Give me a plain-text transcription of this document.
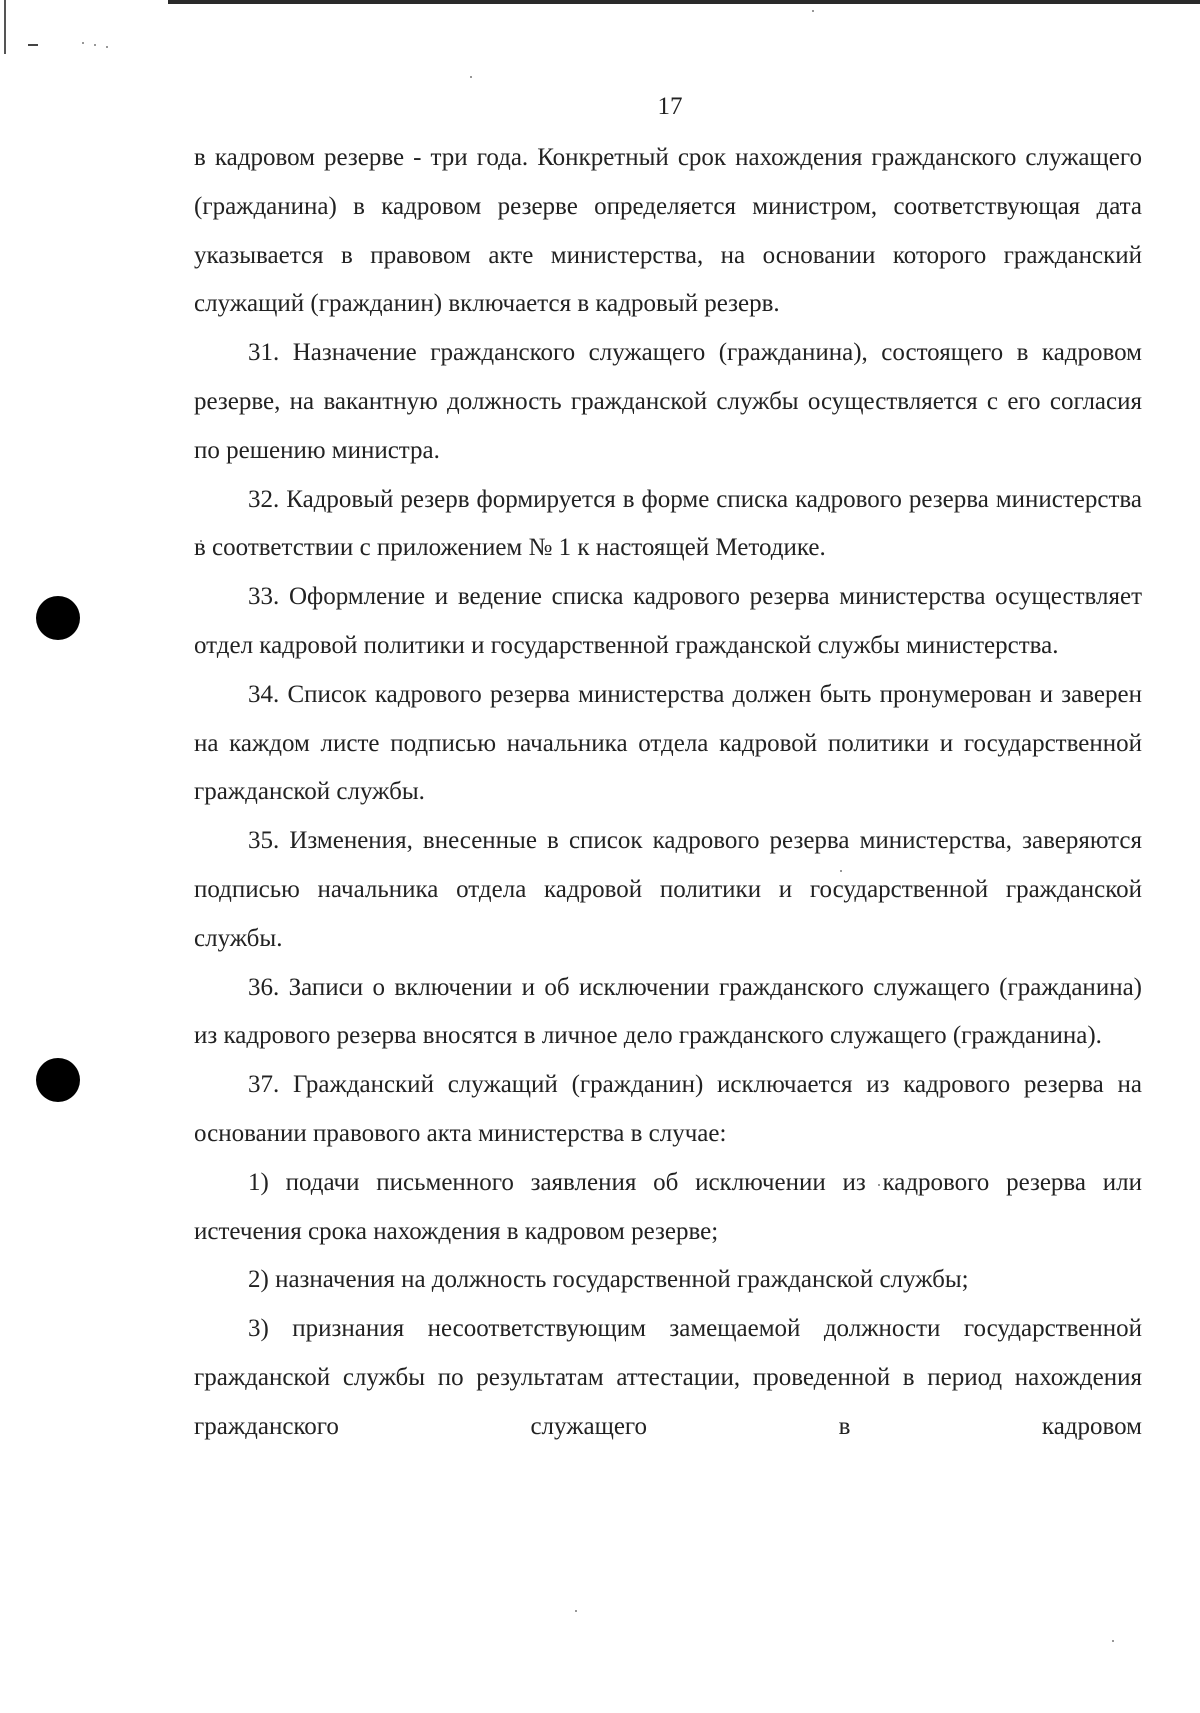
17

в кадровом резерве - три года. Конкретный срок нахождения гражданского служащего (гражданина) в кадровом резерве определяется министром, соответствующая дата указывается в правовом акте министерства, на основании которого гражданский служащий (гражданин) включается в кадровый резерв.

31. Назначение гражданского служащего (гражданина), состоящего в кадровом резерве, на вакантную должность гражданской службы осуществляется с его согласия по решению министра.

32. Кадровый резерв формируется в форме списка кадрового резерва министерства в соответствии с приложением № 1 к настоящей Методике.

33. Оформление и ведение списка кадрового резерва министерства осуществляет отдел кадровой политики и государственной гражданской службы министерства.

34. Список кадрового резерва министерства должен быть пронумерован и заверен на каждом листе подписью начальника отдела кадровой политики и государственной гражданской службы.

35. Изменения, внесенные в список кадрового резерва министерства, заверяются подписью начальника отдела кадровой политики и государственной гражданской службы.

36. Записи о включении и об исключении гражданского служащего (гражданина) из кадрового резерва вносятся в личное дело гражданского служащего (гражданина).

37. Гражданский служащий (гражданин) исключается из кадрового резерва на основании правового акта министерства в случае:

1) подачи письменного заявления об исключении из кадрового резерва или истечения срока нахождения в кадровом резерве;

2) назначения на должность государственной гражданской службы;

3) признания несоответствующим замещаемой должности государственной гражданской службы по результатам аттестации, проведенной в период нахождения гражданского служащего в кадровом
